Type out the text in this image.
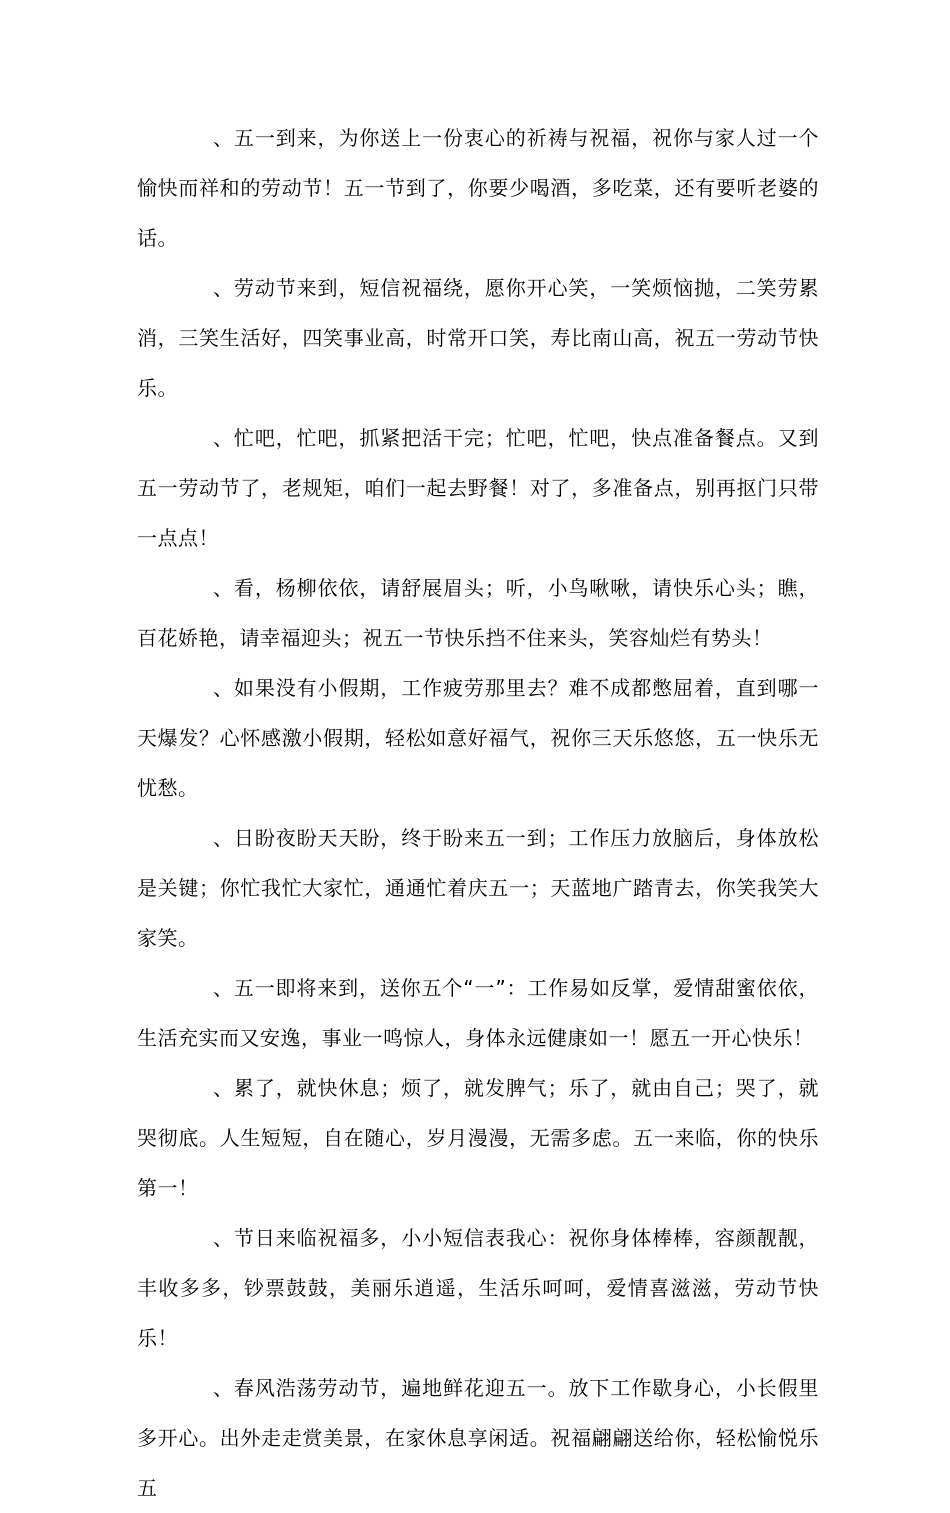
、五一到来，为你送上一份衷心的祈祷与祝福，祝你与家人过一个愉快而祥和的劳动节！五一节到了，你要少喝酒，多吃菜，还有要听老婆的话。

、劳动节来到，短信祝福绕，愿你开心笑，一笑烦恼抛，二笑劳累消，三笑生活好，四笑事业高，时常开口笑，寿比南山高，祝五一劳动节快乐。

、忙吧，忙吧，抓紧把活干完；忙吧，忙吧，快点准备餐点。又到五一劳动节了，老规矩，咱们一起去野餐！对了，多准备点，别再抠门只带一点点！

、看，杨柳依依，请舒展眉头；听，小鸟啾啾，请快乐心头；瞧，百花娇艳，请幸福迎头；祝五一节快乐挡不住来头，笑容灿烂有势头！

、如果没有小假期，工作疲劳那里去？难不成都憋屈着，直到哪一天爆发？心怀感激小假期，轻松如意好福气，祝你三天乐悠悠，五一快乐无忧愁。

、日盼夜盼天天盼，终于盼来五一到；工作压力放脑后，身体放松是关键；你忙我忙大家忙，通通忙着庆五一；天蓝地广踏青去，你笑我笑大家笑。

、五一即将来到，送你五个“一”：工作易如反掌，爱情甜蜜依依，生活充实而又安逸，事业一鸣惊人，身体永远健康如一！愿五一开心快乐！

、累了，就快休息；烦了，就发脾气；乐了，就由自己；哭了，就哭彻底。人生短短，自在随心，岁月漫漫，无需多虑。五一来临，你的快乐第一！

、节日来临祝福多，小小短信表我心：祝你身体棒棒，容颜靓靓，丰收多多，钞票鼓鼓，美丽乐逍遥，生活乐呵呵，爱情喜滋滋，劳动节快乐！

、春风浩荡劳动节，遍地鲜花迎五一。放下工作歇身心，小长假里多开心。出外走走赏美景，在家休息享闲适。祝福翩翩送给你，轻松愉悦乐五
